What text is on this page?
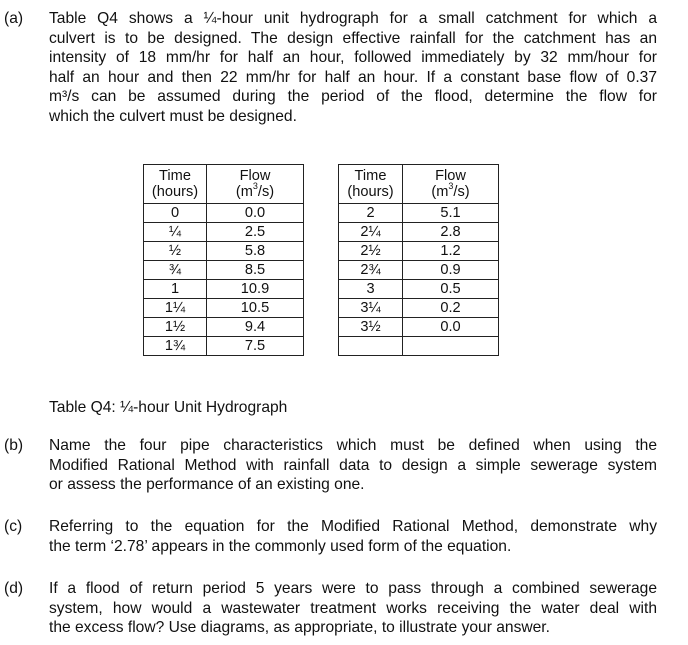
(a) Table Q4 shows a ¼-hour unit hydrograph for a small catchment for which a
culvert is to be designed. The design effective rainfall for the catchment has an
intensity of 18 mm/hr for half an hour, followed immediately by 32 mm/hour for
half an hour and then 22 mm/hr for half an hour. If a constant base flow of 0.37
m³/s can be assumed during the period of the flood, determine the flow for
which the culvert must be designed.
Time	Flow		Time	Flow
(hours)	$(m^3/s)$		(hours)	$(m^3/s)$
0	0.0		2	5.1
¼	2.5		2¼	2.8
½	5.8		2½	1.2
¾	8.5		2¾	0.9
1	10.9		3	0.5
1¼	10.5		3¼	0.2
1½	9.4		3½	0.0
1¾	7.5			
Table Q4: ¼-hour Unit Hydrograph
(b) Name the four pipe characteristics which must be defined when using the
Modified Rational Method with rainfall data to design a simple sewerage system
or assess the performance of an existing one.
(c) Referring to the equation for the Modified Rational Method, demonstrate why
the term ‘2.78’ appears in the commonly used form of the equation.
(d) If a flood of return period 5 years were to pass through a combined sewerage
system, how would a wastewater treatment works receiving the water deal with
the excess flow? Use diagrams, as appropriate, to illustrate your answer.
